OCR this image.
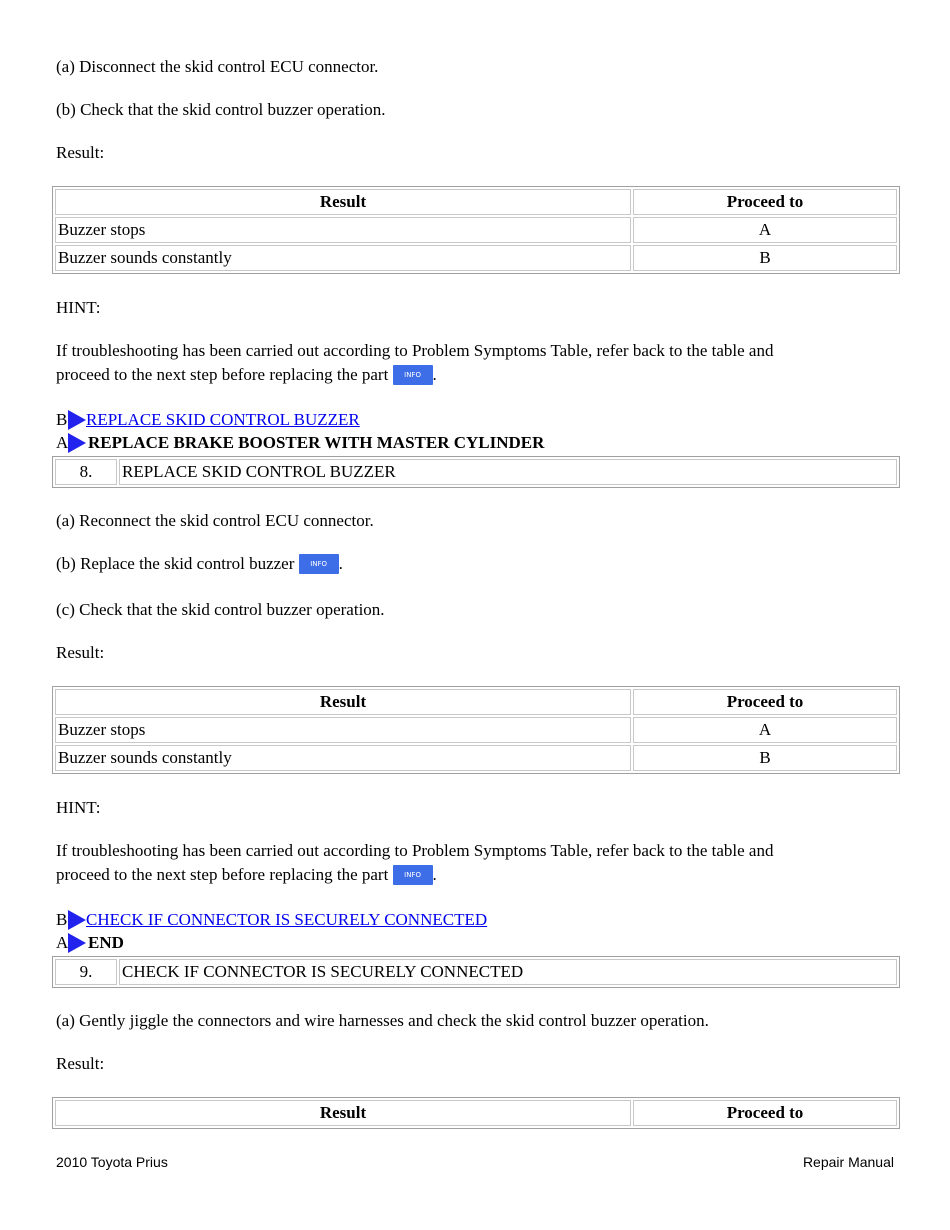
(a) Disconnect the skid control ECU connector.
(b) Check that the skid control buzzer operation.
Result:
Result	Proceed to
Buzzer stops	A
Buzzer sounds constantly	B
HINT:
If troubleshooting has been carried out according to Problem Symptoms Table, refer back to the table and
proceed to the next step before replacing the part INFO .
B REPLACE SKID CONTROL BUZZER
A REPLACE BRAKE BOOSTER WITH MASTER CYLINDER
8.	REPLACE SKID CONTROL BUZZER
(a) Reconnect the skid control ECU connector.
(b) Replace the skid control buzzer INFO .
(c) Check that the skid control buzzer operation.
Result:
Result	Proceed to
Buzzer stops	A
Buzzer sounds constantly	B
HINT:
If troubleshooting has been carried out according to Problem Symptoms Table, refer back to the table and
proceed to the next step before replacing the part INFO .
B CHECK IF CONNECTOR IS SECURELY CONNECTED
A END
9.	CHECK IF CONNECTOR IS SECURELY CONNECTED
(a) Gently jiggle the connectors and wire harnesses and check the skid control buzzer operation.
Result:
Result	Proceed to
2010 Toyota Prius	Repair Manual
